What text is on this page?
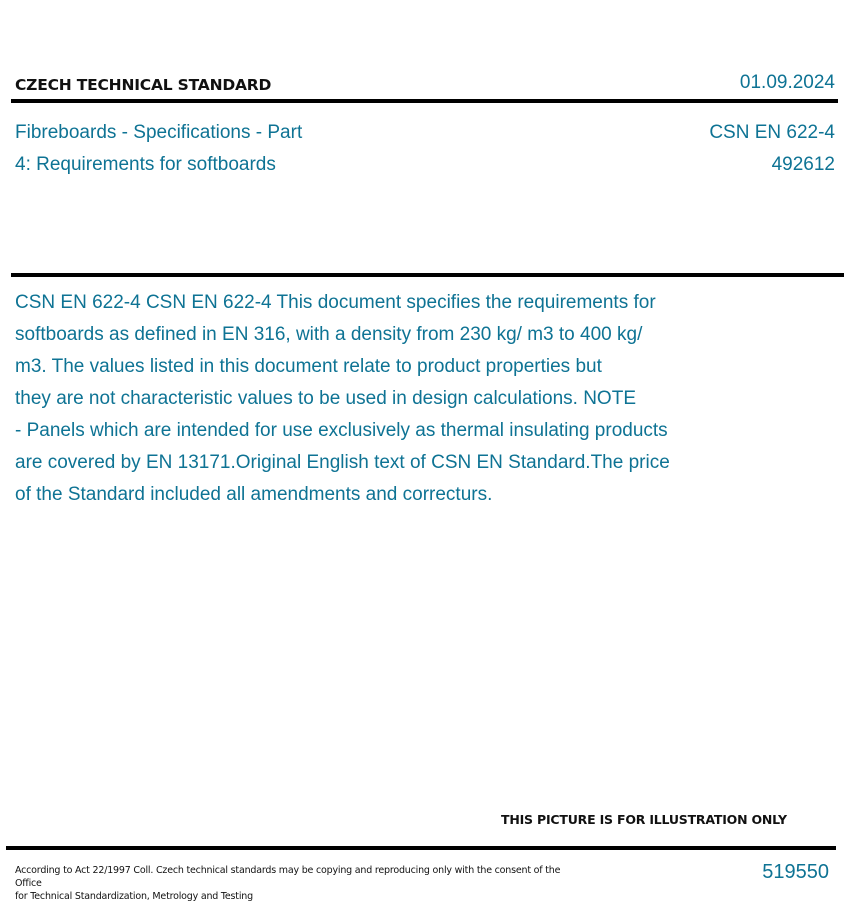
CZECH TECHNICAL STANDARD	01.09.2024
Fibreboards - Specifications - Part
4: Requirements for softboards
CSN EN 622-4
492612
CSN EN 622-4 CSN EN 622-4 This document specifies the requirements for
softboards as defined in EN 316, with a density from 230 kg/ m3 to 400 kg/
m3. The values listed in this document relate to product properties but
they are not characteristic values to be used in design calculations. NOTE
- Panels which are intended for use exclusively as thermal insulating products
are covered by EN 13171.Original English text of CSN EN Standard.The price
of the Standard included all amendments and correcturs.
THIS PICTURE IS FOR ILLUSTRATION ONLY
According to Act 22/1997 Coll. Czech technical standards may be copying and reproducing only with the consent of the Office
for Technical Standardization, Metrology and Testing
519550
